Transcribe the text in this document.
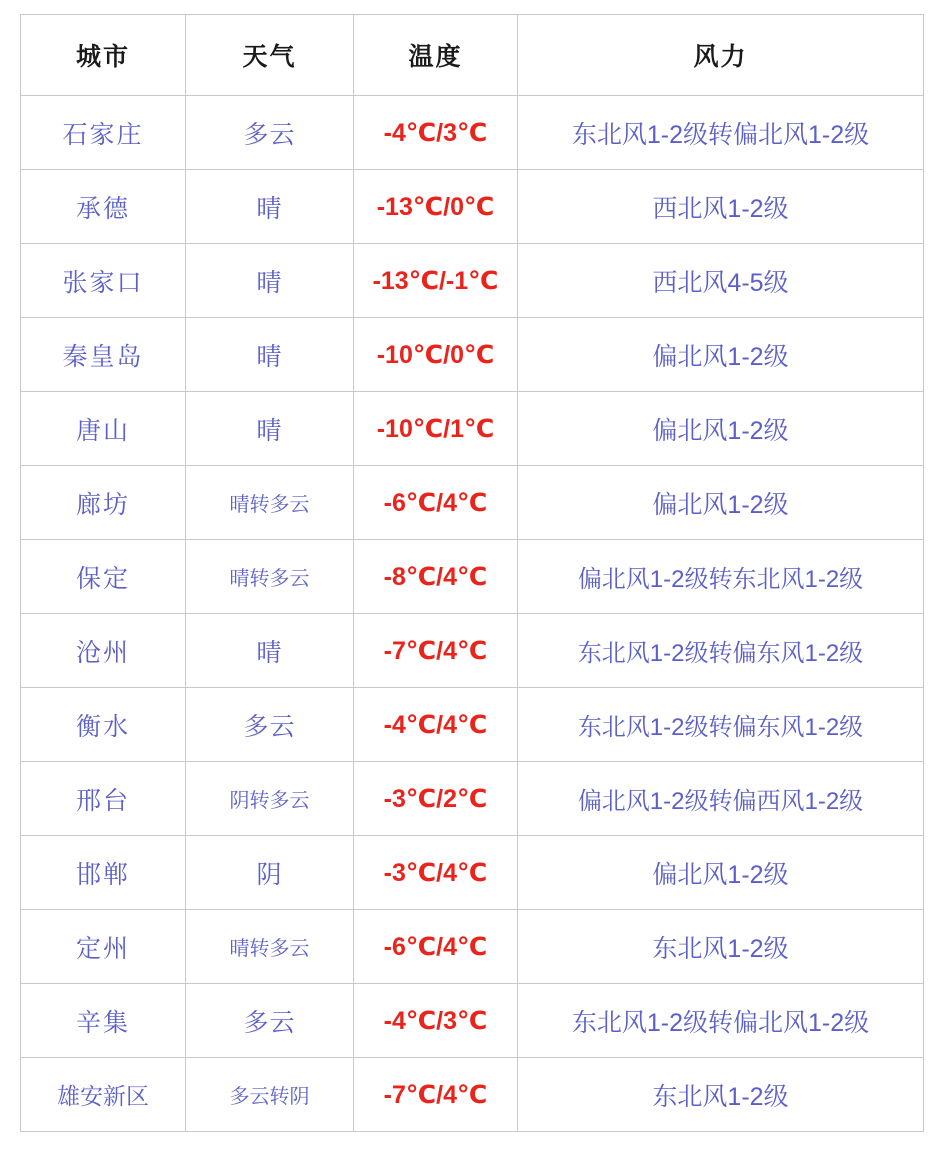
城市	天气	温度	风力
石家庄	多云	-4℃/3℃	东北风1-2级转偏北风1-2级
承德	晴	-13℃/0℃	西北风1-2级
张家口	晴	-13℃/-1℃	西北风4-5级
秦皇岛	晴	-10℃/0℃	偏北风1-2级
唐山	晴	-10℃/1℃	偏北风1-2级
廊坊	晴转多云	-6℃/4℃	偏北风1-2级
保定	晴转多云	-8℃/4℃	偏北风1-2级转东北风1-2级
沧州	晴	-7℃/4℃	东北风1-2级转偏东风1-2级
衡水	多云	-4℃/4℃	东北风1-2级转偏东风1-2级
邢台	阴转多云	-3℃/2℃	偏北风1-2级转偏西风1-2级
邯郸	阴	-3℃/4℃	偏北风1-2级
定州	晴转多云	-6℃/4℃	东北风1-2级
辛集	多云	-4℃/3℃	东北风1-2级转偏北风1-2级
雄安新区	多云转阴	-7℃/4℃	东北风1-2级
